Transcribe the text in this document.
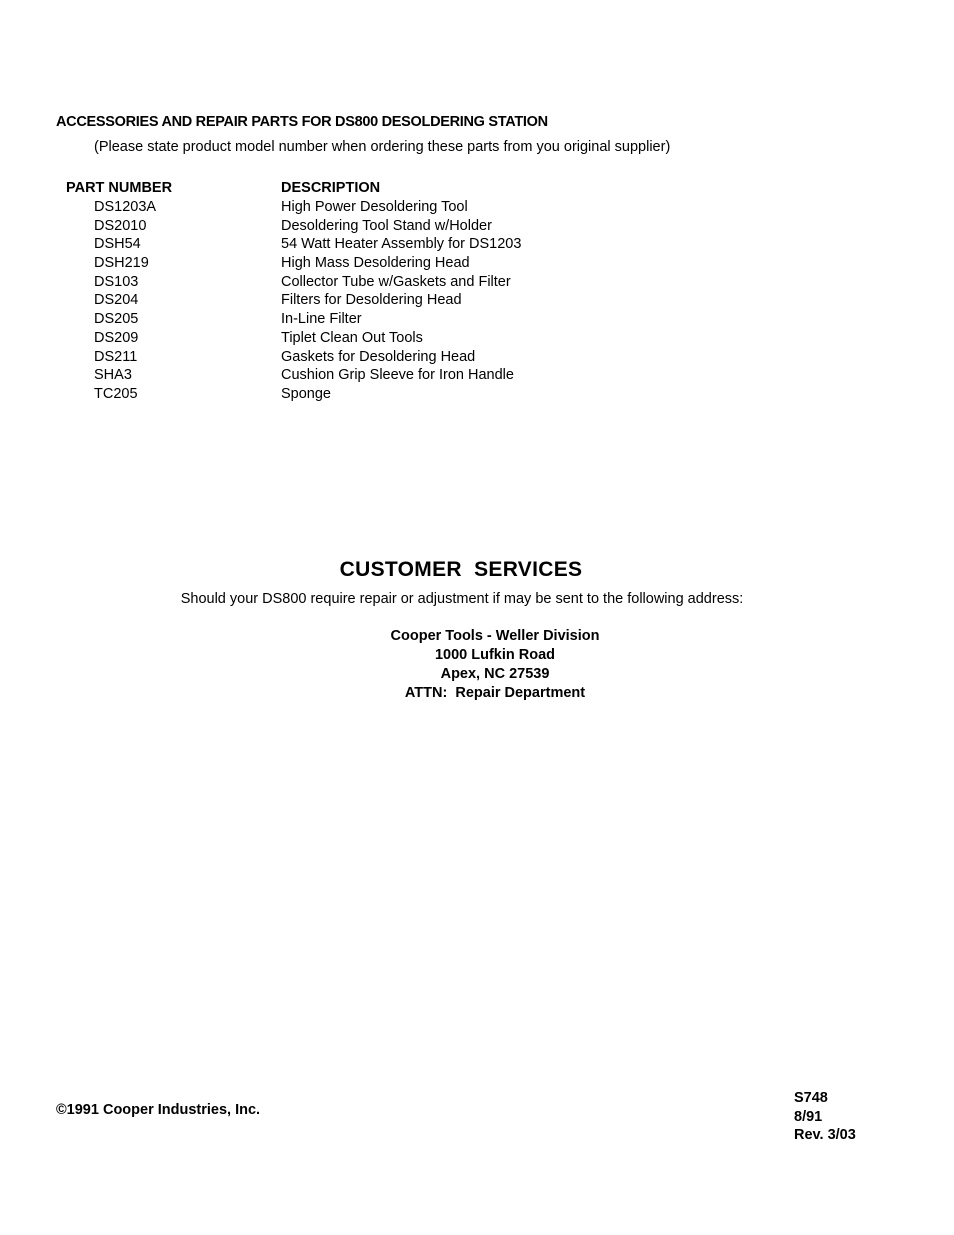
ACCESSORIES AND REPAIR PARTS FOR DS800 DESOLDERING STATION
(Please state product model number when ordering these parts from you original supplier)
PART NUMBER	DESCRIPTION
DS1203A	High Power Desoldering Tool
DS2010	Desoldering Tool Stand w/Holder
DSH54	54 Watt Heater Assembly for DS1203
DSH219	High Mass Desoldering Head
DS103	Collector Tube w/Gaskets and Filter
DS204	Filters for Desoldering Head
DS205	In-Line Filter
DS209	Tiplet Clean Out Tools
DS211	Gaskets for Desoldering Head
SHA3	Cushion Grip Sleeve for Iron Handle
TC205	Sponge
CUSTOMER  SERVICES
Should your DS800 require repair or adjustment if may be sent to the following address:
Cooper Tools - Weller Division
1000 Lufkin Road
Apex, NC 27539
ATTN:  Repair Department
©1991 Cooper Industries, Inc.
S748
8/91
Rev. 3/03
